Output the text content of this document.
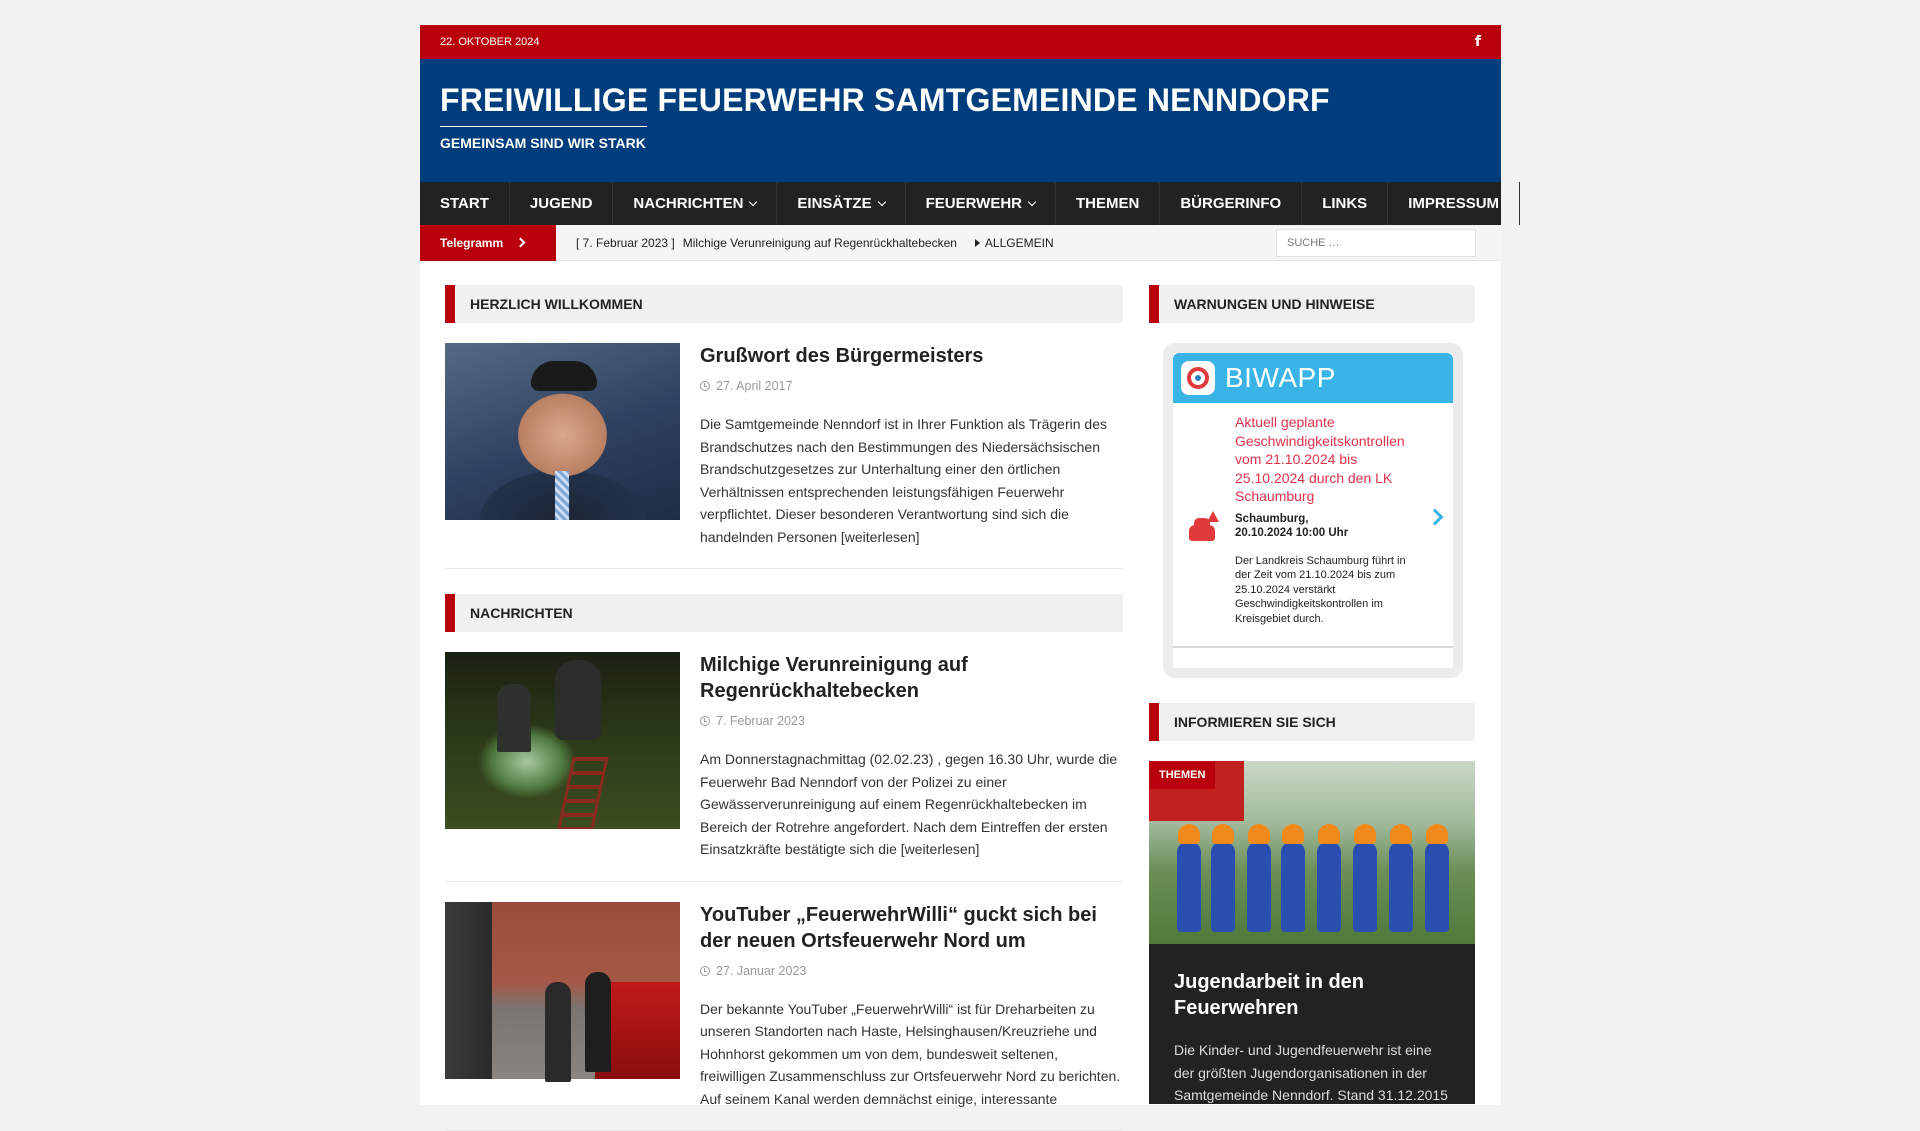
22. OKTOBER 2024	f
FREIWILLIGE FEUERWEHR SAMTGEMEINDE NENNDORF
GEMEINSAM SIND WIR STARK
START	JUGEND	NACHRICHTEN	EINSÄTZE	FEUERWEHR	THEMEN	BÜRGERINFO	LINKS	IMPRESSUM
Telegramm	[ 7. Februar 2023 ] Milchige Verunreinigung auf Regenrückhaltebecken ALLGEMEIN
SUCHE …
HERZLICH WILLKOMMEN
Grußwort des Bürgermeisters
27. April 2017

Die Samtgemeinde Nenndorf ist in Ihrer Funktion als Trägerin des Brandschutzes nach den Bestimmungen des Niedersächsischen Brandschutzgesetzes zur Unterhaltung einer den örtlichen Verhältnissen entsprechenden leistungsfähigen Feuerwehr verpflichtet. Dieser besonderen Verantwortung sind sich die handelnden Personen [weiterlesen]

NACHRICHTEN
Milchige Verunreinigung auf Regenrückhaltebecken
7. Februar 2023

Am Donnerstagnachmittag (02.02.23) , gegen 16.30 Uhr, wurde die Feuerwehr Bad Nenndorf von der Polizei zu einer Gewässerverunreinigung auf einem Regenrückhaltebecken im Bereich der Rotrehre angefordert. Nach dem Eintreffen der ersten Einsatzkräfte bestätigte sich die [weiterlesen]

YouTuber „FeuerwehrWilli“ guckt sich bei der neuen Ortsfeuerwehr Nord um
27. Januar 2023

Der bekannte YouTuber „FeuerwehrWilli“ ist für Dreharbeiten zu unseren Standorten nach Haste, Helsinghausen/Kreuzriehe und Hohnhorst gekommen um von dem, bundesweit seltenen, freiwilligen Zusammenschluss zur Ortsfeuerwehr Nord zu berichten. Auf seinem Kanal werden demnächst einige, interessante

WARNUNGEN UND HINWEISE
BIWAPP
Aktuell geplante Geschwindigkeitskontrollen vom 21.10.2024 bis 25.10.2024 durch den LK Schaumburg
Schaumburg,
20.10.2024 10:00 Uhr
Der Landkreis Schaumburg führt in der Zeit vom 21.10.2024 bis zum 25.10.2024 verstärkt Geschwindigkeitskontrollen im Kreisgebiet durch.
INFORMIEREN SIE SICH
THEMEN
Jugendarbeit in den Feuerwehren

Die Kinder- und Jugendfeuerwehr ist eine der größten Jugendorganisationen in der Samtgemeinde Nenndorf. Stand 31.12.2015
